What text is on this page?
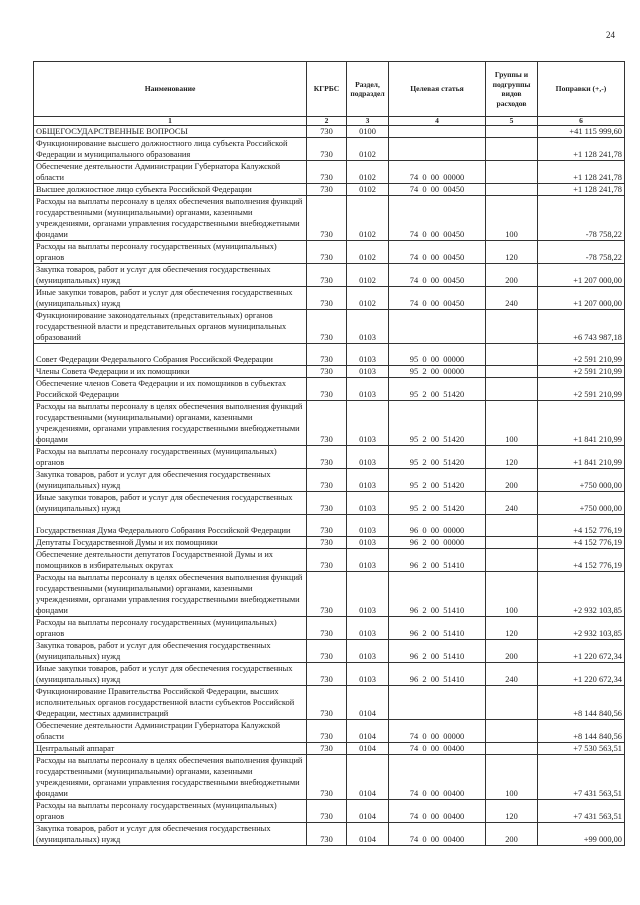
24
Наименование	КГРБС	Раздел, подраздел	Целевая статья	Группы и подгруппы видов расходов	Поправки (+,-)
1	2	3	4	5	6
ОБЩЕГОСУДАРСТВЕННЫЕ ВОПРОСЫ	730	0100			+41 115 999,60
Функционирование высшего должностного лица субъекта Российской Федерации и муниципального образования	730	0102			+1 128 241,78
Обеспечение деятельности Администрации Губернатора Калужской области	730	0102	74  0  00  00000		+1 128 241,78
Высшее должностное лицо субъекта Российской Федерации	730	0102	74  0  00  00450		+1 128 241,78
Расходы на выплаты персоналу в целях обеспечения выполнения функций государственными (муниципальными) органами, казенными учреждениями, органами управления государственными внебюджетными фондами	730	0102	74  0  00  00450	100	-78 758,22
Расходы на выплаты персоналу государственных (муниципальных) органов	730	0102	74  0  00  00450	120	-78 758,22
Закупка товаров, работ и услуг для обеспечения государственных (муниципальных) нужд	730	0102	74  0  00  00450	200	+1 207 000,00
Иные закупки товаров, работ и услуг для обеспечения государственных (муниципальных) нужд	730	0102	74  0  00  00450	240	+1 207 000,00
Функционирование законодательных (представительных) органов государственной власти и представительных органов муниципальных образований	730	0103			+6 743 987,18
Совет Федерации Федерального Собрания Российской Федерации	730	0103	95  0  00  00000		+2 591 210,99
Члены Совета Федерации и их помощники	730	0103	95  2  00  00000		+2 591 210,99
Обеспечение членов Совета Федерации и их помощников в субъектах Российской Федерации	730	0103	95  2  00  51420		+2 591 210,99
Расходы на выплаты персоналу в целях обеспечения выполнения функций государственными (муниципальными) органами, казенными учреждениями, органами управления государственными внебюджетными фондами	730	0103	95  2  00  51420	100	+1 841 210,99
Расходы на выплаты персоналу государственных (муниципальных) органов	730	0103	95  2  00  51420	120	+1 841 210,99
Закупка товаров, работ и услуг для обеспечения государственных (муниципальных) нужд	730	0103	95  2  00  51420	200	+750 000,00
Иные закупки товаров, работ и услуг для обеспечения государственных (муниципальных) нужд	730	0103	95  2  00  51420	240	+750 000,00
Государственная Дума Федерального Собрания Российской Федерации	730	0103	96  0  00  00000		+4 152 776,19
Депутаты Государственной Думы и их помощники	730	0103	96  2  00  00000		+4 152 776,19
Обеспечение деятельности депутатов Государственной Думы и их помощников в избирательных округах	730	0103	96  2  00  51410		+4 152 776,19
Расходы на выплаты персоналу в целях обеспечения выполнения функций государственными (муниципальными) органами, казенными учреждениями, органами управления государственными внебюджетными фондами	730	0103	96  2  00  51410	100	+2 932 103,85
Расходы на выплаты персоналу государственных (муниципальных) органов	730	0103	96  2  00  51410	120	+2 932 103,85
Закупка товаров, работ и услуг для обеспечения государственных (муниципальных) нужд	730	0103	96  2  00  51410	200	+1 220 672,34
Иные закупки товаров, работ и услуг для обеспечения государственных (муниципальных) нужд	730	0103	96  2  00  51410	240	+1 220 672,34
Функционирование Правительства Российской Федерации, высших исполнительных органов государственной власти субъектов Российской Федерации, местных администраций	730	0104			+8 144 840,56
Обеспечение деятельности Администрации Губернатора Калужской области	730	0104	74  0  00  00000		+8 144 840,56
Центральный аппарат	730	0104	74  0  00  00400		+7 530 563,51
Расходы на выплаты персоналу в целях обеспечения выполнения функций государственными (муниципальными) органами, казенными учреждениями, органами управления государственными внебюджетными фондами	730	0104	74  0  00  00400	100	+7 431 563,51
Расходы на выплаты персоналу государственных (муниципальных) органов	730	0104	74  0  00  00400	120	+7 431 563,51
Закупка товаров, работ и услуг для обеспечения государственных (муниципальных) нужд	730	0104	74  0  00  00400	200	+99 000,00
